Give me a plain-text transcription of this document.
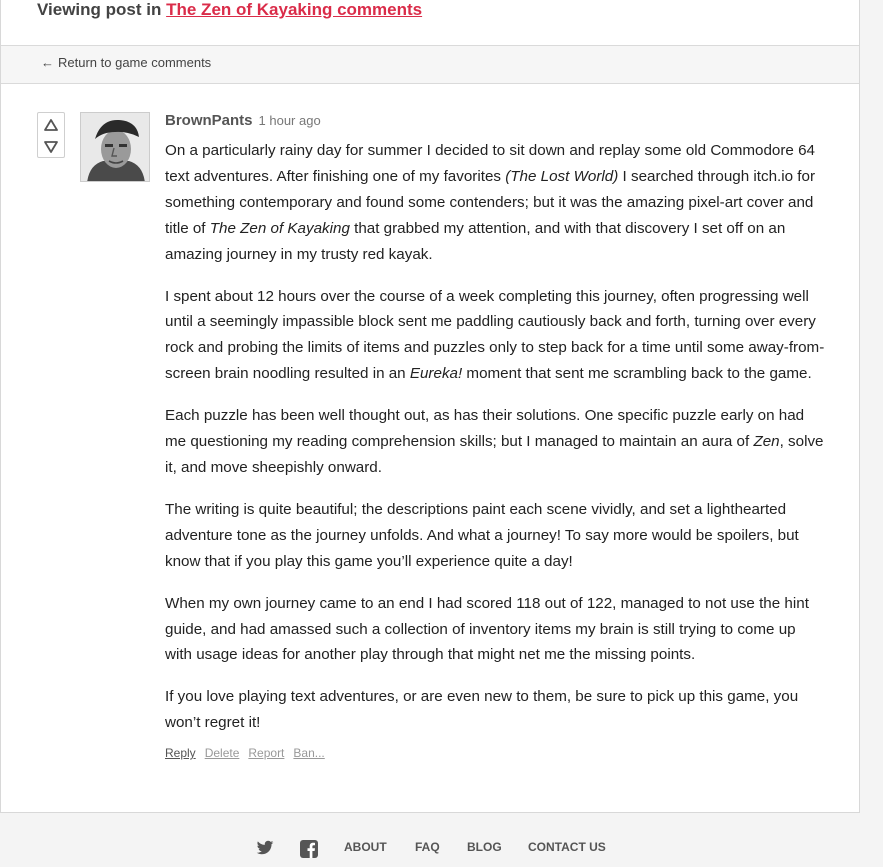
Viewing post in The Zen of Kayaking comments
← Return to game comments
BrownPants 1 hour ago

On a particularly rainy day for summer I decided to sit down and replay some old Commodore 64 text adventures. After finishing one of my favorites (The Lost World) I searched through itch.io for something contemporary and found some contenders; but it was the amazing pixel-art cover and title of The Zen of Kayaking that grabbed my attention, and with that discovery I set off on an amazing journey in my trusty red kayak.

I spent about 12 hours over the course of a week completing this journey, often progressing well until a seemingly impassible block sent me paddling cautiously back and forth, turning over every rock and probing the limits of items and puzzles only to step back for a time until some away-from-screen brain noodling resulted in an Eureka! moment that sent me scrambling back to the game.

Each puzzle has been well thought out, as has their solutions. One specific puzzle early on had me questioning my reading comprehension skills; but I managed to maintain an aura of Zen, solve it, and move sheepishly onward.

The writing is quite beautiful; the descriptions paint each scene vividly, and set a lighthearted adventure tone as the journey unfolds. And what a journey! To say more would be spoilers, but know that if you play this game you’ll experience quite a day!

When my own journey came to an end I had scored 118 out of 122, managed to not use the hint guide, and had amassed such a collection of inventory items my brain is still trying to come up with usage ideas for another play through that might net me the missing points.

If you love playing text adventures, or are even new to them, be sure to pick up this game, you won’t regret it!

Reply Delete Report Ban...
ABOUT FAQ BLOG CONTACT US
